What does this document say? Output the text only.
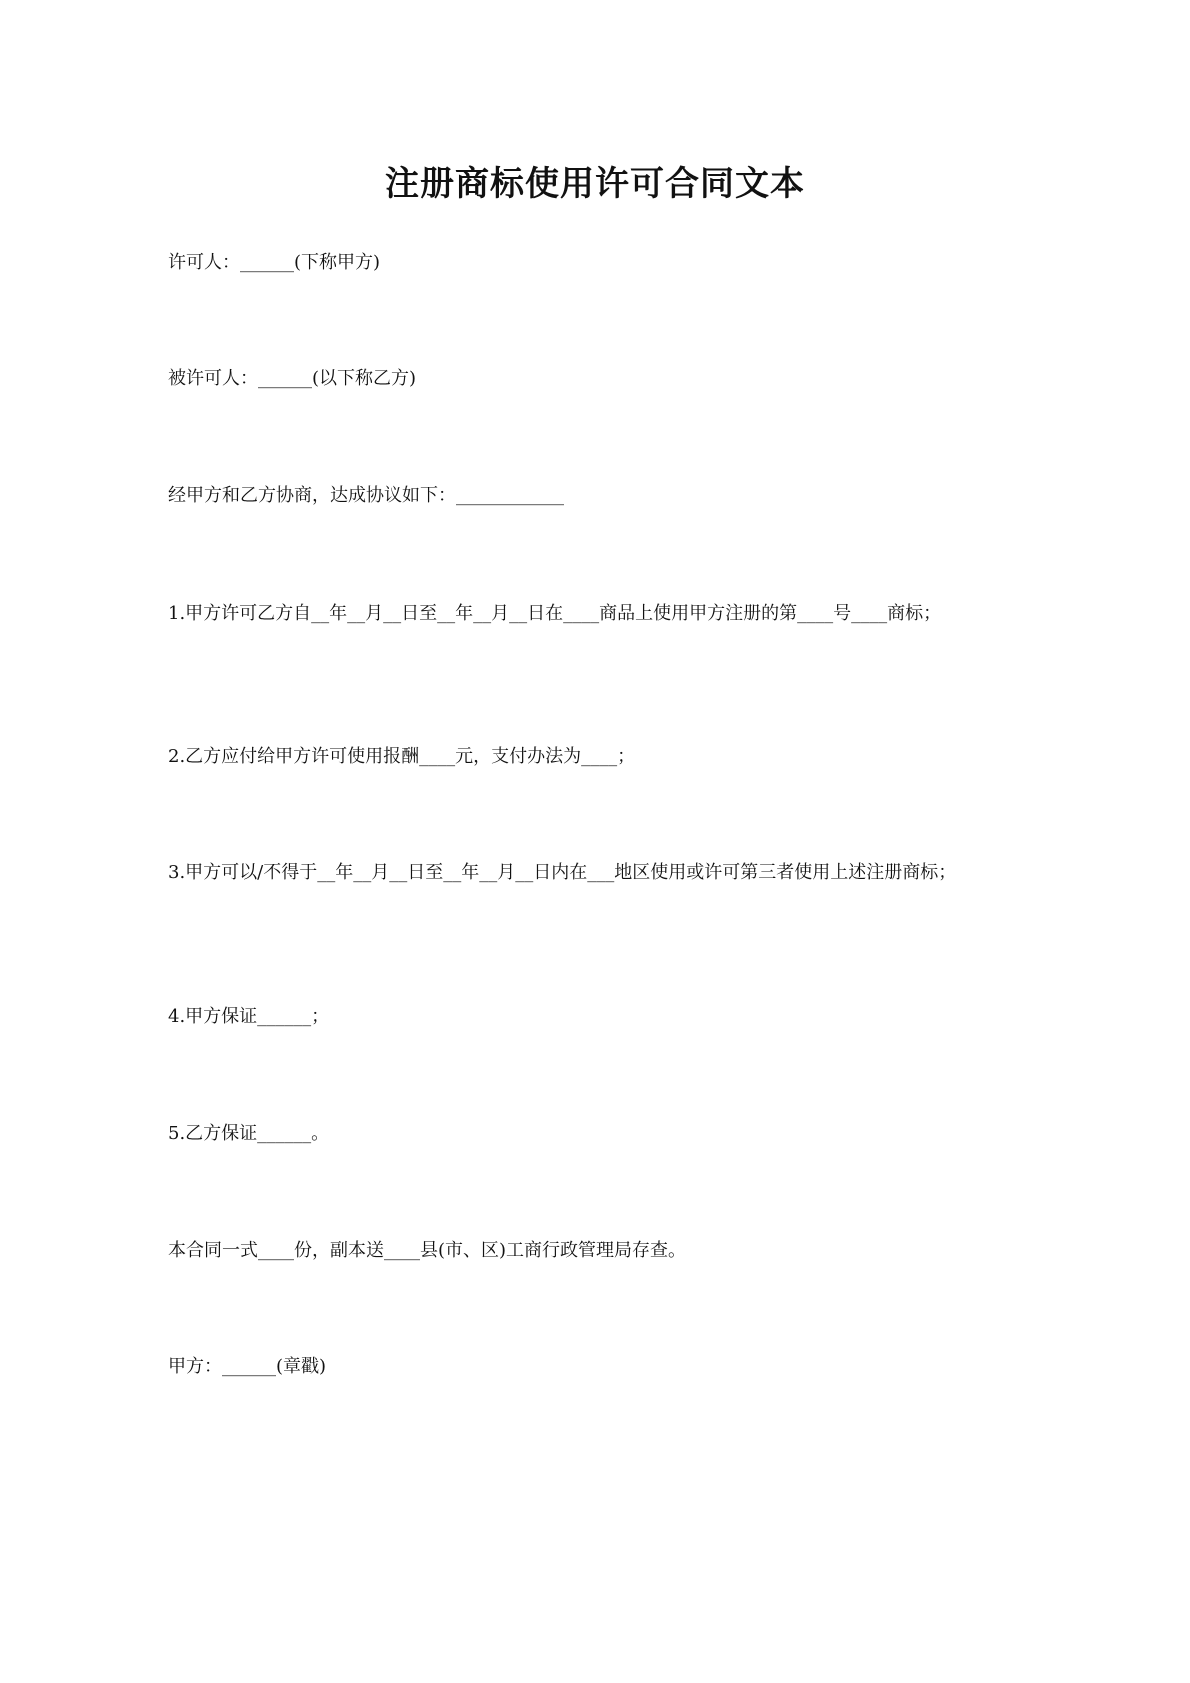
注册商标使用许可合同文本

许可人：______(下称甲方)

被许可人：______(以下称乙方)

经甲方和乙方协商，达成协议如下：____________

1.甲方许可乙方自__年__月__日至__年__月__日在____商品上使用甲方注册的第____号____商标；

2.乙方应付给甲方许可使用报酬____元，支付办法为____；

3.甲方可以/不得于__年__月__日至__年__月__日内在___地区使用或许可第三者使用上述注册商标；

4.甲方保证______；

5.乙方保证______。

本合同一式____份，副本送____县(市、区)工商行政管理局存查。

甲方：______(章戳)
